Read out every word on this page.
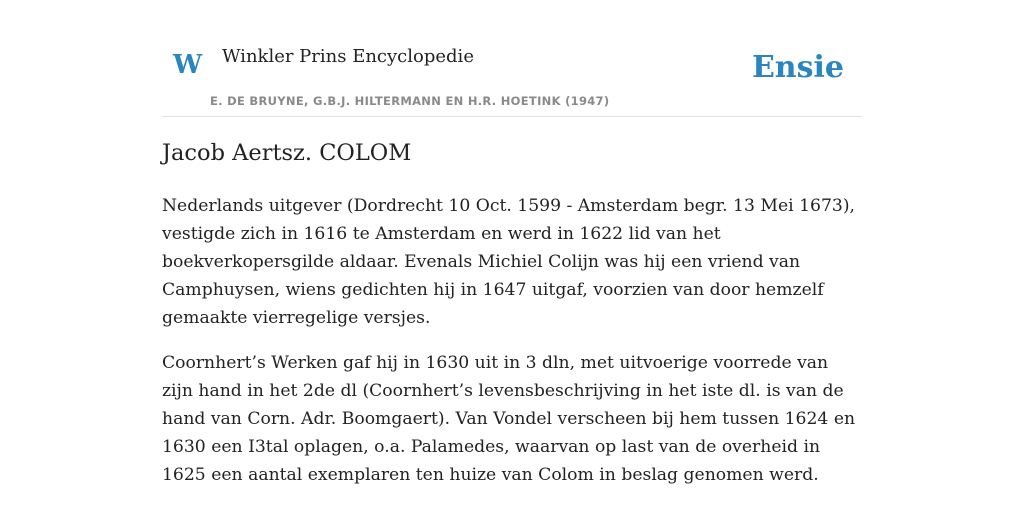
W Winkler Prins Encyclopedie
E. DE BRUYNE, G.B.J. HILTERMANN EN H.R. HOETINK (1947)
Ensie
Jacob Aertsz. COLOM

Nederlands uitgever (Dordrecht 10 Oct. 1599 - Amsterdam begr. 13 Mei 1673), vestigde zich in 1616 te Amsterdam en werd in 1622 lid van het boekverkopersgilde aldaar. Evenals Michiel Colijn was hij een vriend van Camphuysen, wiens gedichten hij in 1647 uitgaf, voorzien van door hemzelf gemaakte vierregelige versjes.

Coornhert’s Werken gaf hij in 1630 uit in 3 dln, met uitvoerige voorrede van zijn hand in het 2de dl (Coornhert’s levensbeschrijving in het iste dl. is van de hand van Corn. Adr. Boomgaert). Van Vondel verscheen bij hem tussen 1624 en 1630 een I3tal oplagen, o.a. Palamedes, waarvan op last van de overheid in 1625 een aantal exemplaren ten huize van Colom in beslag genomen werd.
